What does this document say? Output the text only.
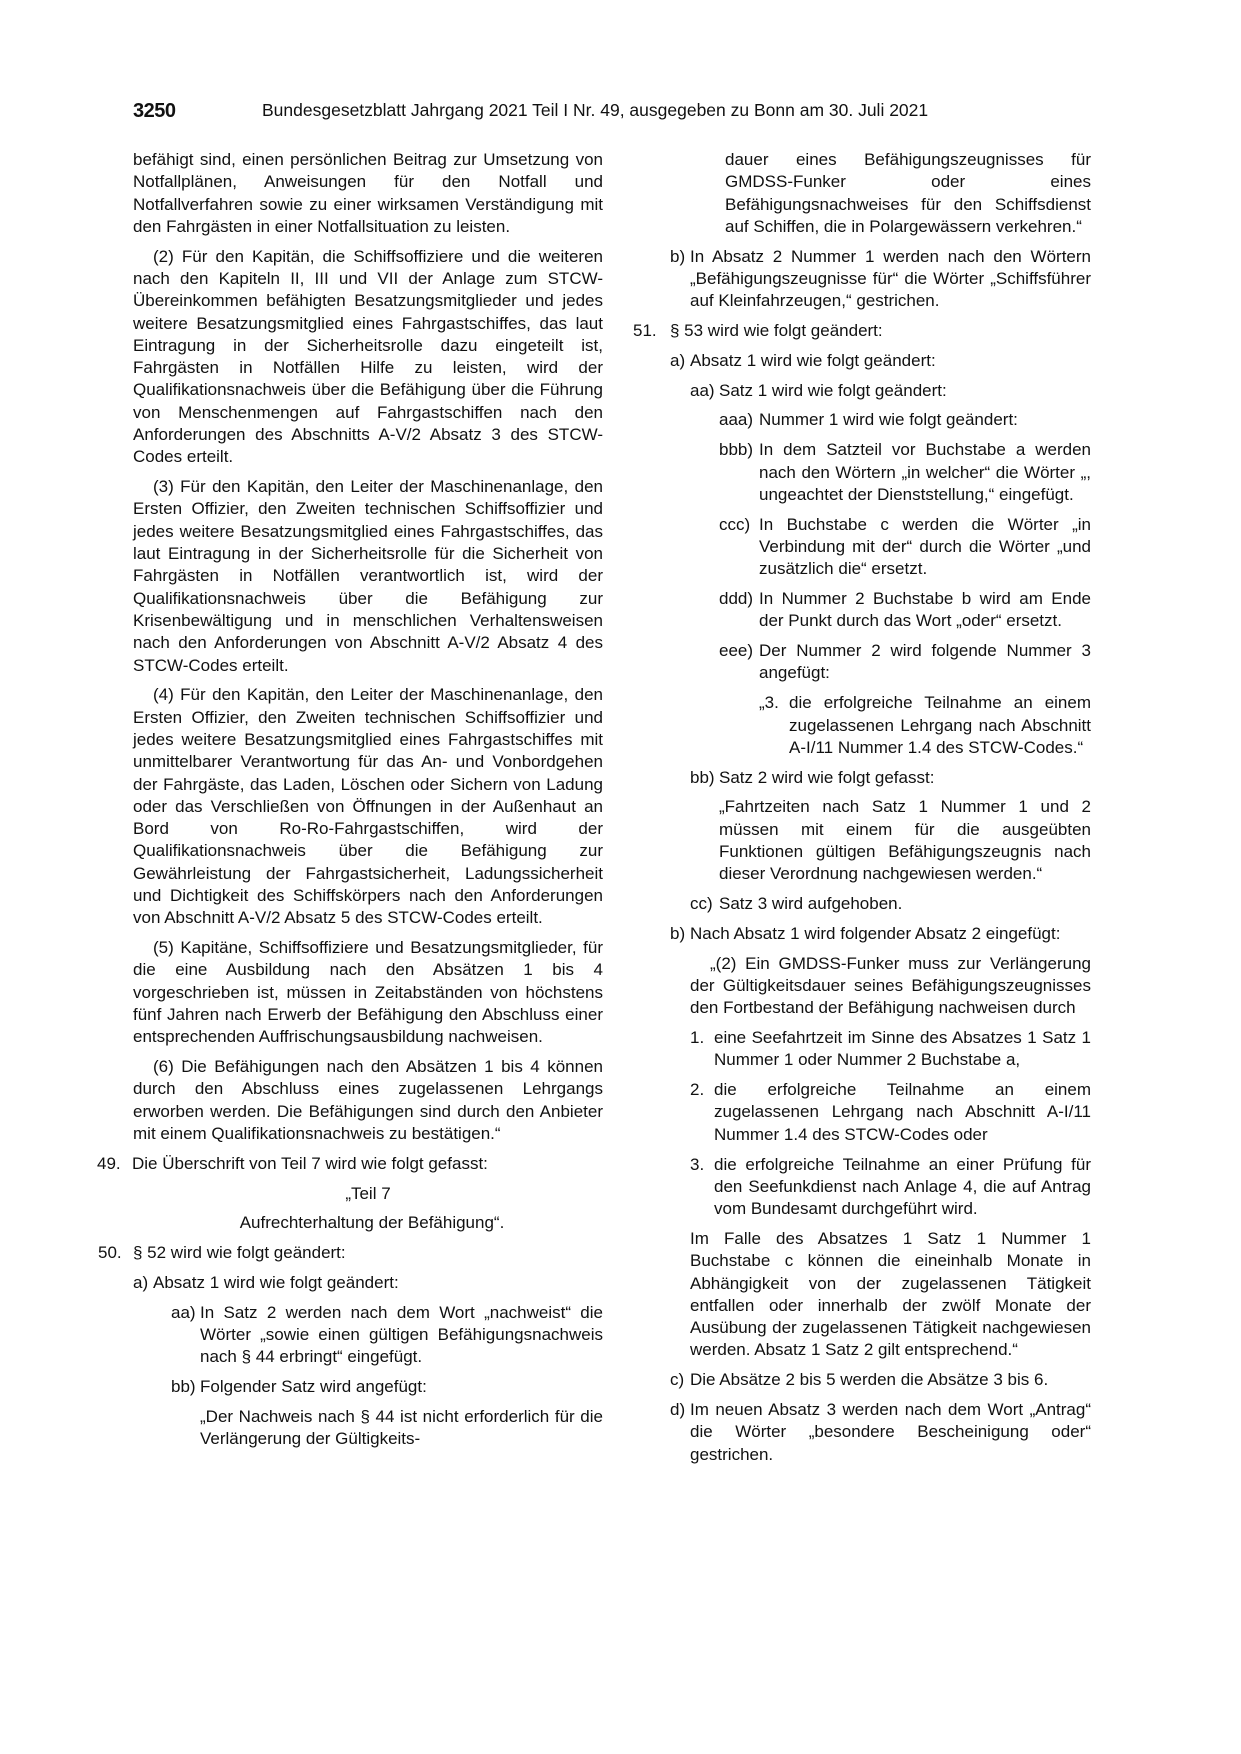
3250	Bundesgesetzblatt Jahrgang 2021 Teil I Nr. 49, ausgegeben zu Bonn am 30. Juli 2021

befähigt sind, einen persönlichen Beitrag zur Umsetzung von Notfallplänen, Anweisungen für den Notfall und Notfallverfahren sowie zu einer wirksamen Verständigung mit den Fahrgästen in einer Notfallsituation zu leisten.

(2) Für den Kapitän, die Schiffsoffiziere und die weiteren nach den Kapiteln II, III und VII der Anlage zum STCW-Übereinkommen befähigten Besatzungsmitglieder und jedes weitere Besatzungsmitglied eines Fahrgastschiffes, das laut Eintragung in der Sicherheitsrolle dazu eingeteilt ist, Fahrgästen in Notfällen Hilfe zu leisten, wird der Qualifikationsnachweis über die Befähigung über die Führung von Menschenmengen auf Fahrgastschiffen nach den Anforderungen des Abschnitts A-V/2 Absatz 3 des STCW-Codes erteilt.

(3) Für den Kapitän, den Leiter der Maschinenanlage, den Ersten Offizier, den Zweiten technischen Schiffsoffizier und jedes weitere Besatzungsmitglied eines Fahrgastschiffes, das laut Eintragung in der Sicherheitsrolle für die Sicherheit von Fahrgästen in Notfällen verantwortlich ist, wird der Qualifikationsnachweis über die Befähigung zur Krisenbewältigung und in menschlichen Verhaltensweisen nach den Anforderungen von Abschnitt A-V/2 Absatz 4 des STCW-Codes erteilt.

(4) Für den Kapitän, den Leiter der Maschinenanlage, den Ersten Offizier, den Zweiten technischen Schiffsoffizier und jedes weitere Besatzungsmitglied eines Fahrgastschiffes mit unmittelbarer Verantwortung für das An- und Vonbordgehen der Fahrgäste, das Laden, Löschen oder Sichern von Ladung oder das Verschließen von Öffnungen in der Außenhaut an Bord von Ro-Ro-Fahrgastschiffen, wird der Qualifikationsnachweis über die Befähigung zur Gewährleistung der Fahrgastsicherheit, Ladungssicherheit und Dichtigkeit des Schiffskörpers nach den Anforderungen von Abschnitt A-V/2 Absatz 5 des STCW-Codes erteilt.

(5) Kapitäne, Schiffsoffiziere und Besatzungsmitglieder, für die eine Ausbildung nach den Absätzen 1 bis 4 vorgeschrieben ist, müssen in Zeitabständen von höchstens fünf Jahren nach Erwerb der Befähigung den Abschluss einer entsprechenden Auffrischungsausbildung nachweisen.

(6) Die Befähigungen nach den Absätzen 1 bis 4 können durch den Abschluss eines zugelassenen Lehrgangs erworben werden. Die Befähigungen sind durch den Anbieter mit einem Qualifikationsnachweis zu bestätigen.“

49. Die Überschrift von Teil 7 wird wie folgt gefasst:

„Teil 7

Aufrechterhaltung der Befähigung“.

50. § 52 wird wie folgt geändert:

a) Absatz 1 wird wie folgt geändert:

aa) In Satz 2 werden nach dem Wort „nachweist“ die Wörter „sowie einen gültigen Befähigungsnachweis nach § 44 erbringt“ eingefügt.

bb) Folgender Satz wird angefügt:

„Der Nachweis nach § 44 ist nicht erforderlich für die Verlängerung der Gültigkeits-

dauer eines Befähigungszeugnisses für GMDSS-Funker oder eines Befähigungsnachweises für den Schiffsdienst auf Schiffen, die in Polargewässern verkehren.“

b) In Absatz 2 Nummer 1 werden nach den Wörtern „Befähigungszeugnisse für“ die Wörter „Schiffsführer auf Kleinfahrzeugen,“ gestrichen.

51. § 53 wird wie folgt geändert:

a) Absatz 1 wird wie folgt geändert:

aa) Satz 1 wird wie folgt geändert:

aaa) Nummer 1 wird wie folgt geändert:

bbb) In dem Satzteil vor Buchstabe a werden nach den Wörtern „in welcher“ die Wörter „, ungeachtet der Dienststellung,“ eingefügt.

ccc) In Buchstabe c werden die Wörter „in Verbindung mit der“ durch die Wörter „und zusätzlich die“ ersetzt.

ddd) In Nummer 2 Buchstabe b wird am Ende der Punkt durch das Wort „oder“ ersetzt.

eee) Der Nummer 2 wird folgende Nummer 3 angefügt:

„3. die erfolgreiche Teilnahme an einem zugelassenen Lehrgang nach Abschnitt A-I/11 Nummer 1.4 des STCW-Codes.“

bb) Satz 2 wird wie folgt gefasst:

„Fahrtzeiten nach Satz 1 Nummer 1 und 2 müssen mit einem für die ausgeübten Funktionen gültigen Befähigungszeugnis nach dieser Verordnung nachgewiesen werden.“

cc) Satz 3 wird aufgehoben.

b) Nach Absatz 1 wird folgender Absatz 2 eingefügt:

„(2) Ein GMDSS-Funker muss zur Verlängerung der Gültigkeitsdauer seines Befähigungszeugnisses den Fortbestand der Befähigung nachweisen durch

1. eine Seefahrtzeit im Sinne des Absatzes 1 Satz 1 Nummer 1 oder Nummer 2 Buchstabe a,

2. die erfolgreiche Teilnahme an einem zugelassenen Lehrgang nach Abschnitt A-I/11 Nummer 1.4 des STCW-Codes oder

3. die erfolgreiche Teilnahme an einer Prüfung für den Seefunkdienst nach Anlage 4, die auf Antrag vom Bundesamt durchgeführt wird.

Im Falle des Absatzes 1 Satz 1 Nummer 1 Buchstabe c können die eineinhalb Monate in Abhängigkeit von der zugelassenen Tätigkeit entfallen oder innerhalb der zwölf Monate der Ausübung der zugelassenen Tätigkeit nachgewiesen werden. Absatz 1 Satz 2 gilt entsprechend.“

c) Die Absätze 2 bis 5 werden die Absätze 3 bis 6.

d) Im neuen Absatz 3 werden nach dem Wort „Antrag“ die Wörter „besondere Bescheinigung oder“ gestrichen.
